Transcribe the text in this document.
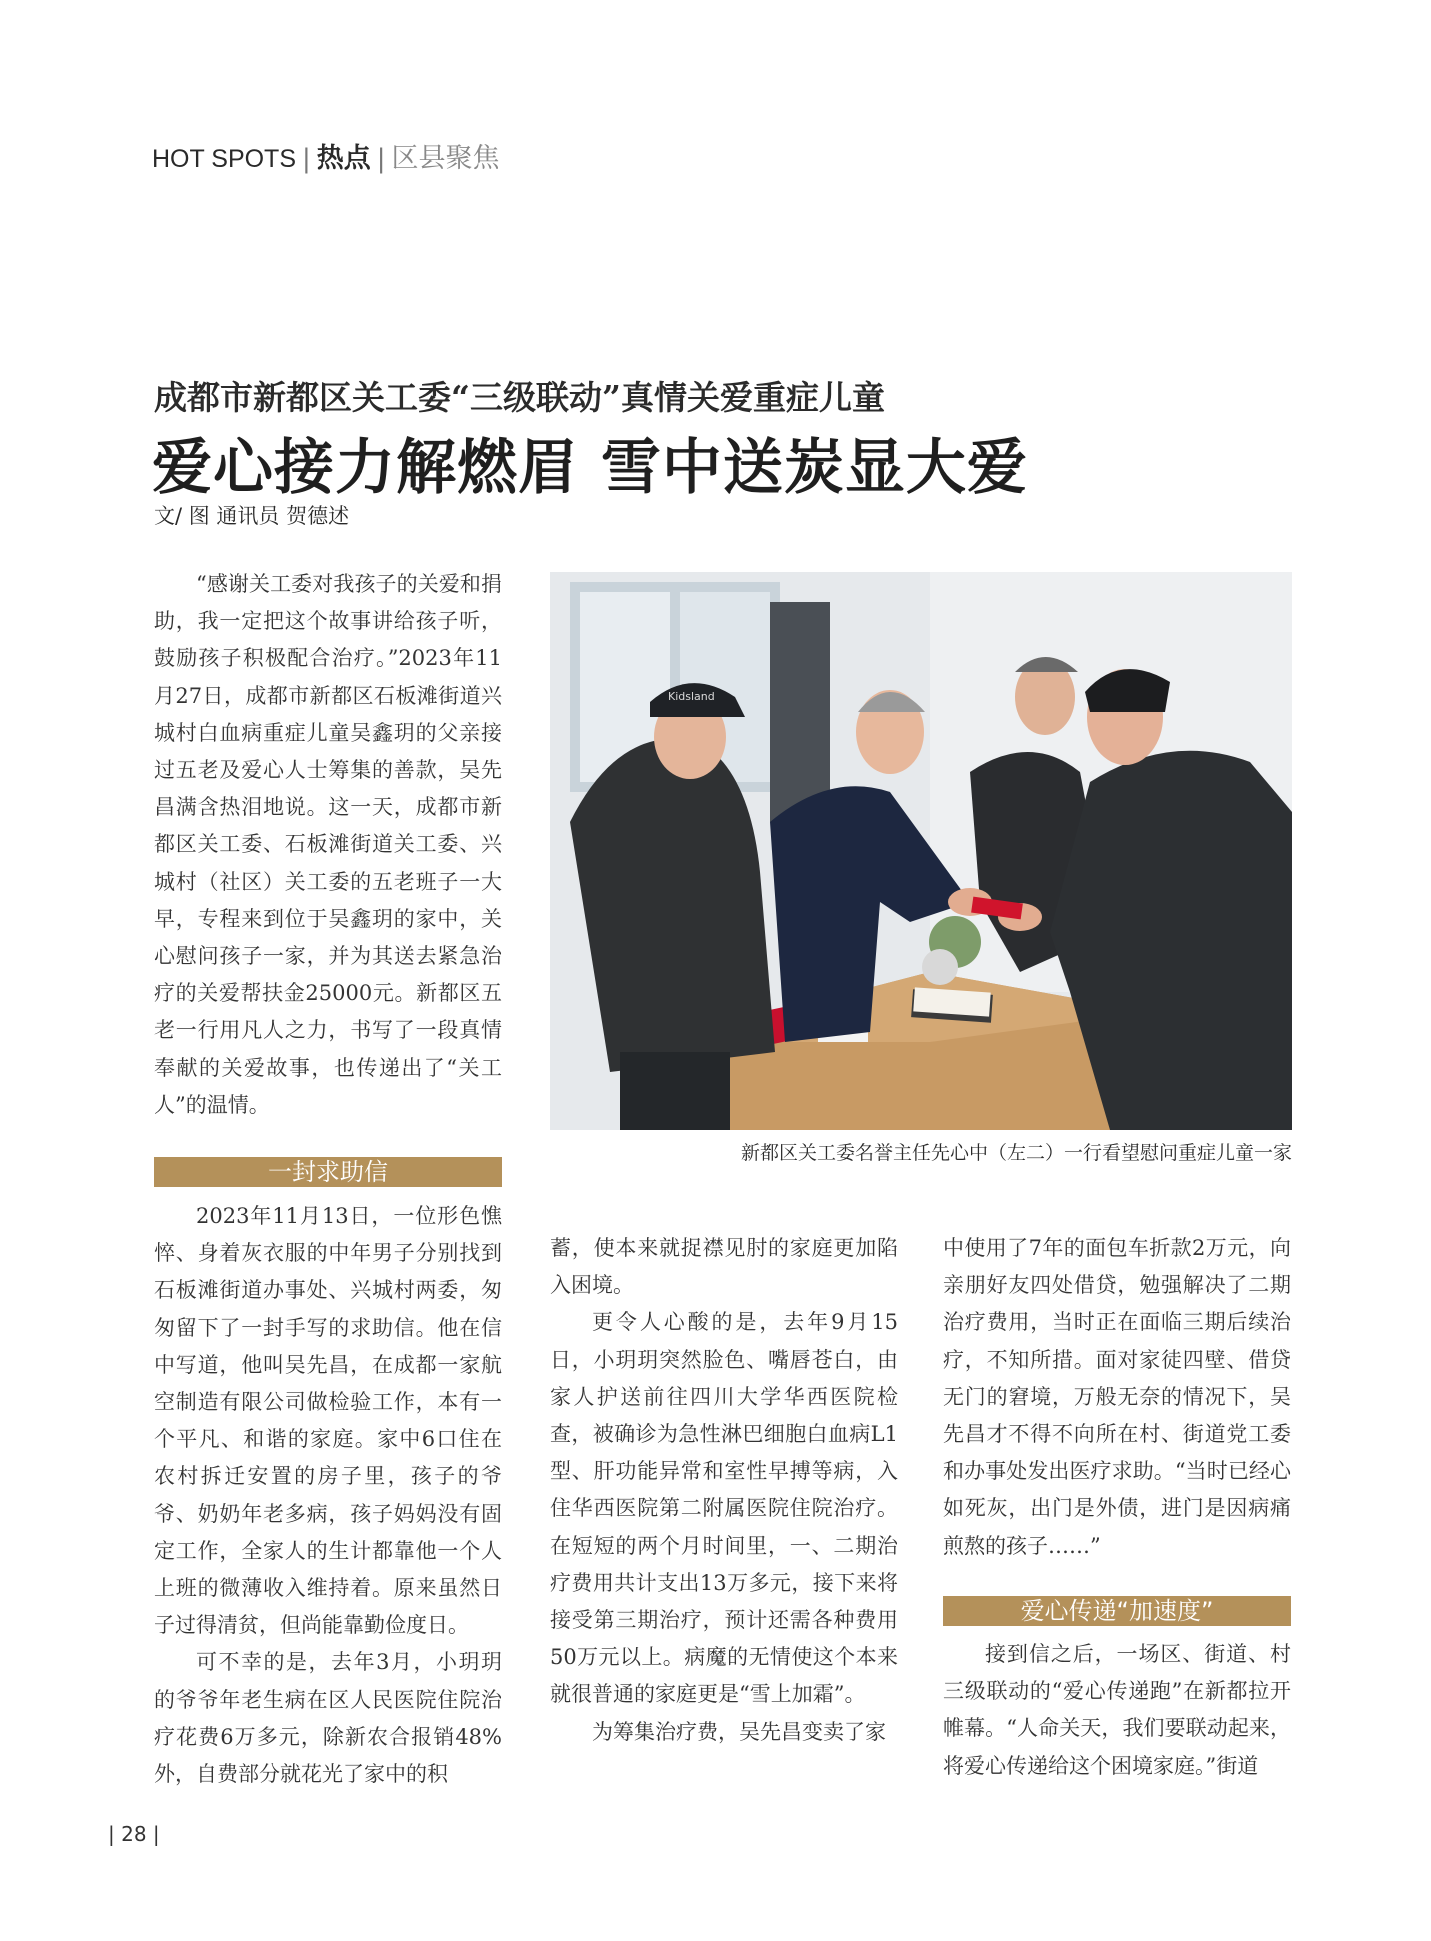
HOT SPOTS | 热点 | 区县聚焦
成都市新都区关工委“三级联动”真情关爱重症儿童
爱心接力解燃眉 雪中送炭显大爱
文/ 图 通讯员 贺德述

“感谢关工委对我孩子的关爱和捐助，我一定把这个故事讲给孩子听，鼓励孩子积极配合治疗。”2023年11月27日，成都市新都区石板滩街道兴城村白血病重症儿童吴鑫玥的父亲接过五老及爱心人士筹集的善款，吴先昌满含热泪地说。这一天，成都市新都区关工委、石板滩街道关工委、兴城村（社区）关工委的五老班子一大早，专程来到位于吴鑫玥的家中，关心慰问孩子一家，并为其送去紧急治疗的关爱帮扶金25000元。新都区五老一行用凡人之力，书写了一段真情奉献的关爱故事，也传递出了“关工人”的温情。

一封求助信

2023年11月13日，一位形色憔悴、身着灰衣服的中年男子分别找到石板滩街道办事处、兴城村两委，匆匆留下了一封手写的求助信。他在信中写道，他叫吴先昌，在成都一家航空制造有限公司做检验工作，本有一个平凡、和谐的家庭。家中6口住在农村拆迁安置的房子里，孩子的爷爷、奶奶年老多病，孩子妈妈没有固定工作，全家人的生计都靠他一个人上班的微薄收入维持着。原来虽然日子过得清贫，但尚能靠勤俭度日。

可不幸的是，去年3月，小玥玥的爷爷年老生病在区人民医院住院治疗花费6万多元，除新农合报销48%外，自费部分就花光了家中的积

蓄，使本来就捉襟见肘的家庭更加陷入困境。

更令人心酸的是，去年9月15日，小玥玥突然脸色、嘴唇苍白，由家人护送前往四川大学华西医院检查，被确诊为急性淋巴细胞白血病L1型、肝功能异常和室性早搏等病，入住华西医院第二附属医院住院治疗。在短短的两个月时间里，一、二期治疗费用共计支出13万多元，接下来将接受第三期治疗，预计还需各种费用50万元以上。病魔的无情使这个本来就很普通的家庭更是“雪上加霜”。

为筹集治疗费，吴先昌变卖了家

中使用了7年的面包车折款2万元，向亲朋好友四处借贷，勉强解决了二期治疗费用，当时正在面临三期后续治疗，不知所措。面对家徒四壁、借贷无门的窘境，万般无奈的情况下，吴先昌才不得不向所在村、街道党工委和办事处发出医疗求助。“当时已经心如死灰，出门是外债，进门是因病痛煎熬的孩子……”

爱心传递“加速度”

接到信之后，一场区、街道、村三级联动的“爱心传递跑”在新都拉开帷幕。“人命关天，我们要联动起来，将爱心传递给这个困境家庭。”街道

Kidsland
新都区关工委名誉主任先心中（左二）一行看望慰问重症儿童一家
| 28 |
